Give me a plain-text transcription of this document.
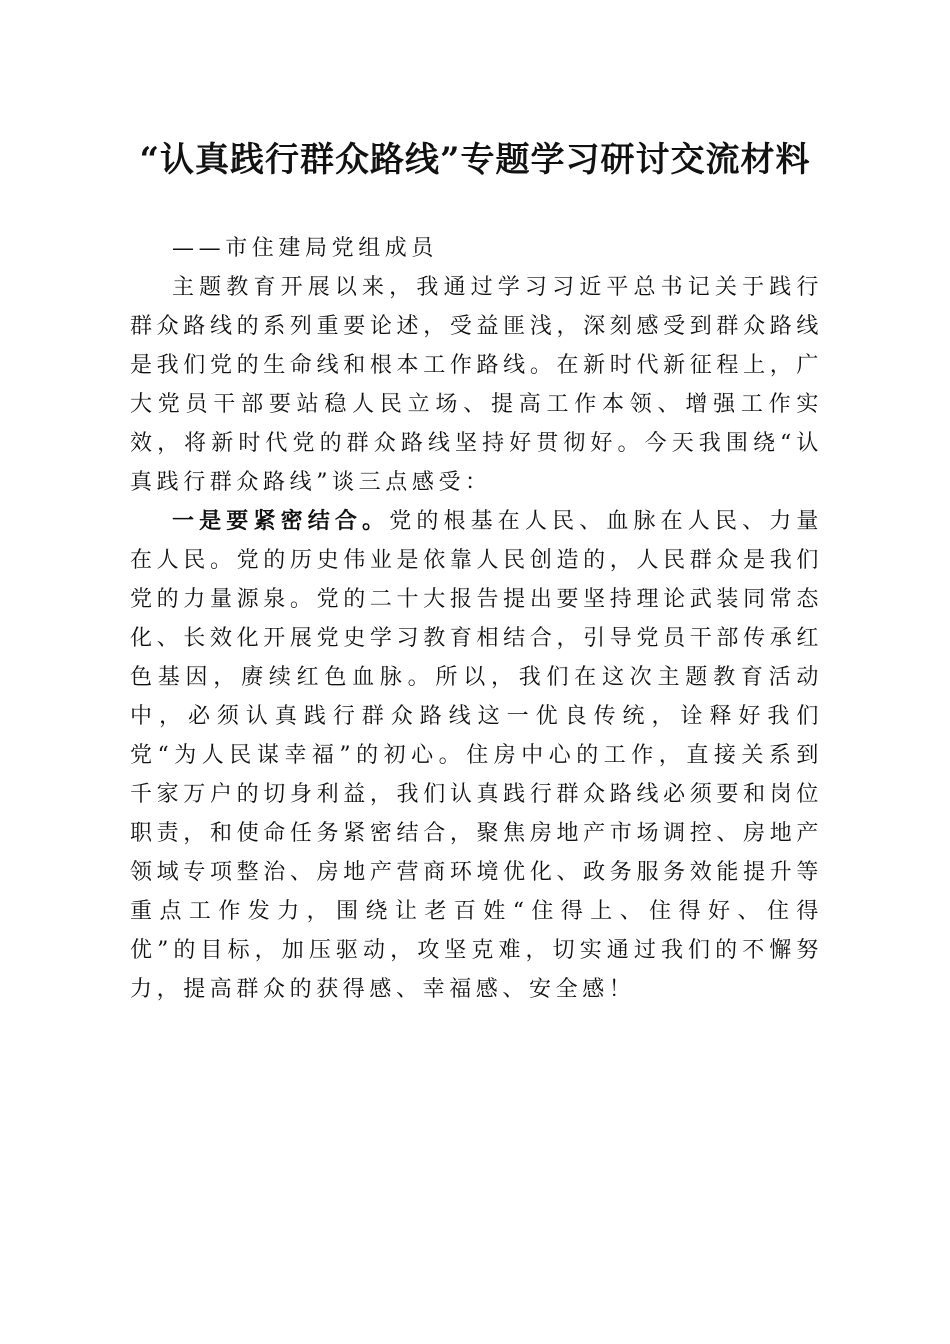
“认真践行群众路线”专题学习研讨交流材料

——市住建局党组成员

主题教育开展以来，我通过学习习近平总书记关于践行群众路线的系列重要论述，受益匪浅，深刻感受到群众路线是我们党的生命线和根本工作路线。在新时代新征程上，广大党员干部要站稳人民立场、提高工作本领、增强工作实效，将新时代党的群众路线坚持好贯彻好。今天我围绕“认真践行群众路线”谈三点感受：

一是要紧密结合。党的根基在人民、血脉在人民、力量在人民。党的历史伟业是依靠人民创造的，人民群众是我们党的力量源泉。党的二十大报告提出要坚持理论武装同常态化、长效化开展党史学习教育相结合，引导党员干部传承红色基因，赓续红色血脉。所以，我们在这次主题教育活动中，必须认真践行群众路线这一优良传统，诠释好我们党“为人民谋幸福”的初心。住房中心的工作，直接关系到千家万户的切身利益，我们认真践行群众路线必须要和岗位职责，和使命任务紧密结合，聚焦房地产市场调控、房地产领域专项整治、房地产营商环境优化、政务服务效能提升等重点工作发力，围绕让老百姓“住得上、住得好、住得优”的目标，加压驱动，攻坚克难，切实通过我们的不懈努力，提高群众的获得感、幸福感、安全感！
